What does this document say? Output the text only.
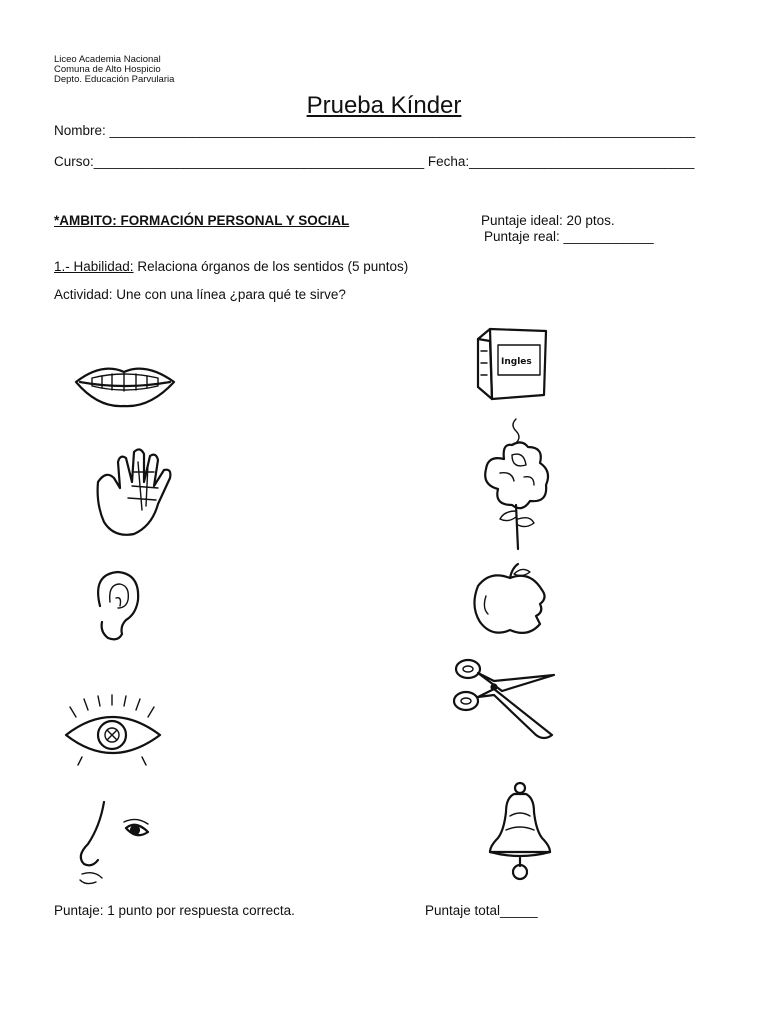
Liceo Academia Nacional
Comuna de Alto Hospicio
Depto. Educación Parvularia
Prueba Kínder
Nombre: ______________________________________________________________________________
Curso:____________________________________________ Fecha:______________________________
*AMBITO: FORMACIÓN PERSONAL Y SOCIAL	Puntaje ideal: 20 ptos.
Puntaje real: ____________
1.- Habilidad: Relaciona órganos de los sentidos (5 puntos)
Actividad: Une con una línea ¿para qué te sirve?
Ingles
Puntaje: 1 punto por respuesta correcta.	Puntaje total_____
